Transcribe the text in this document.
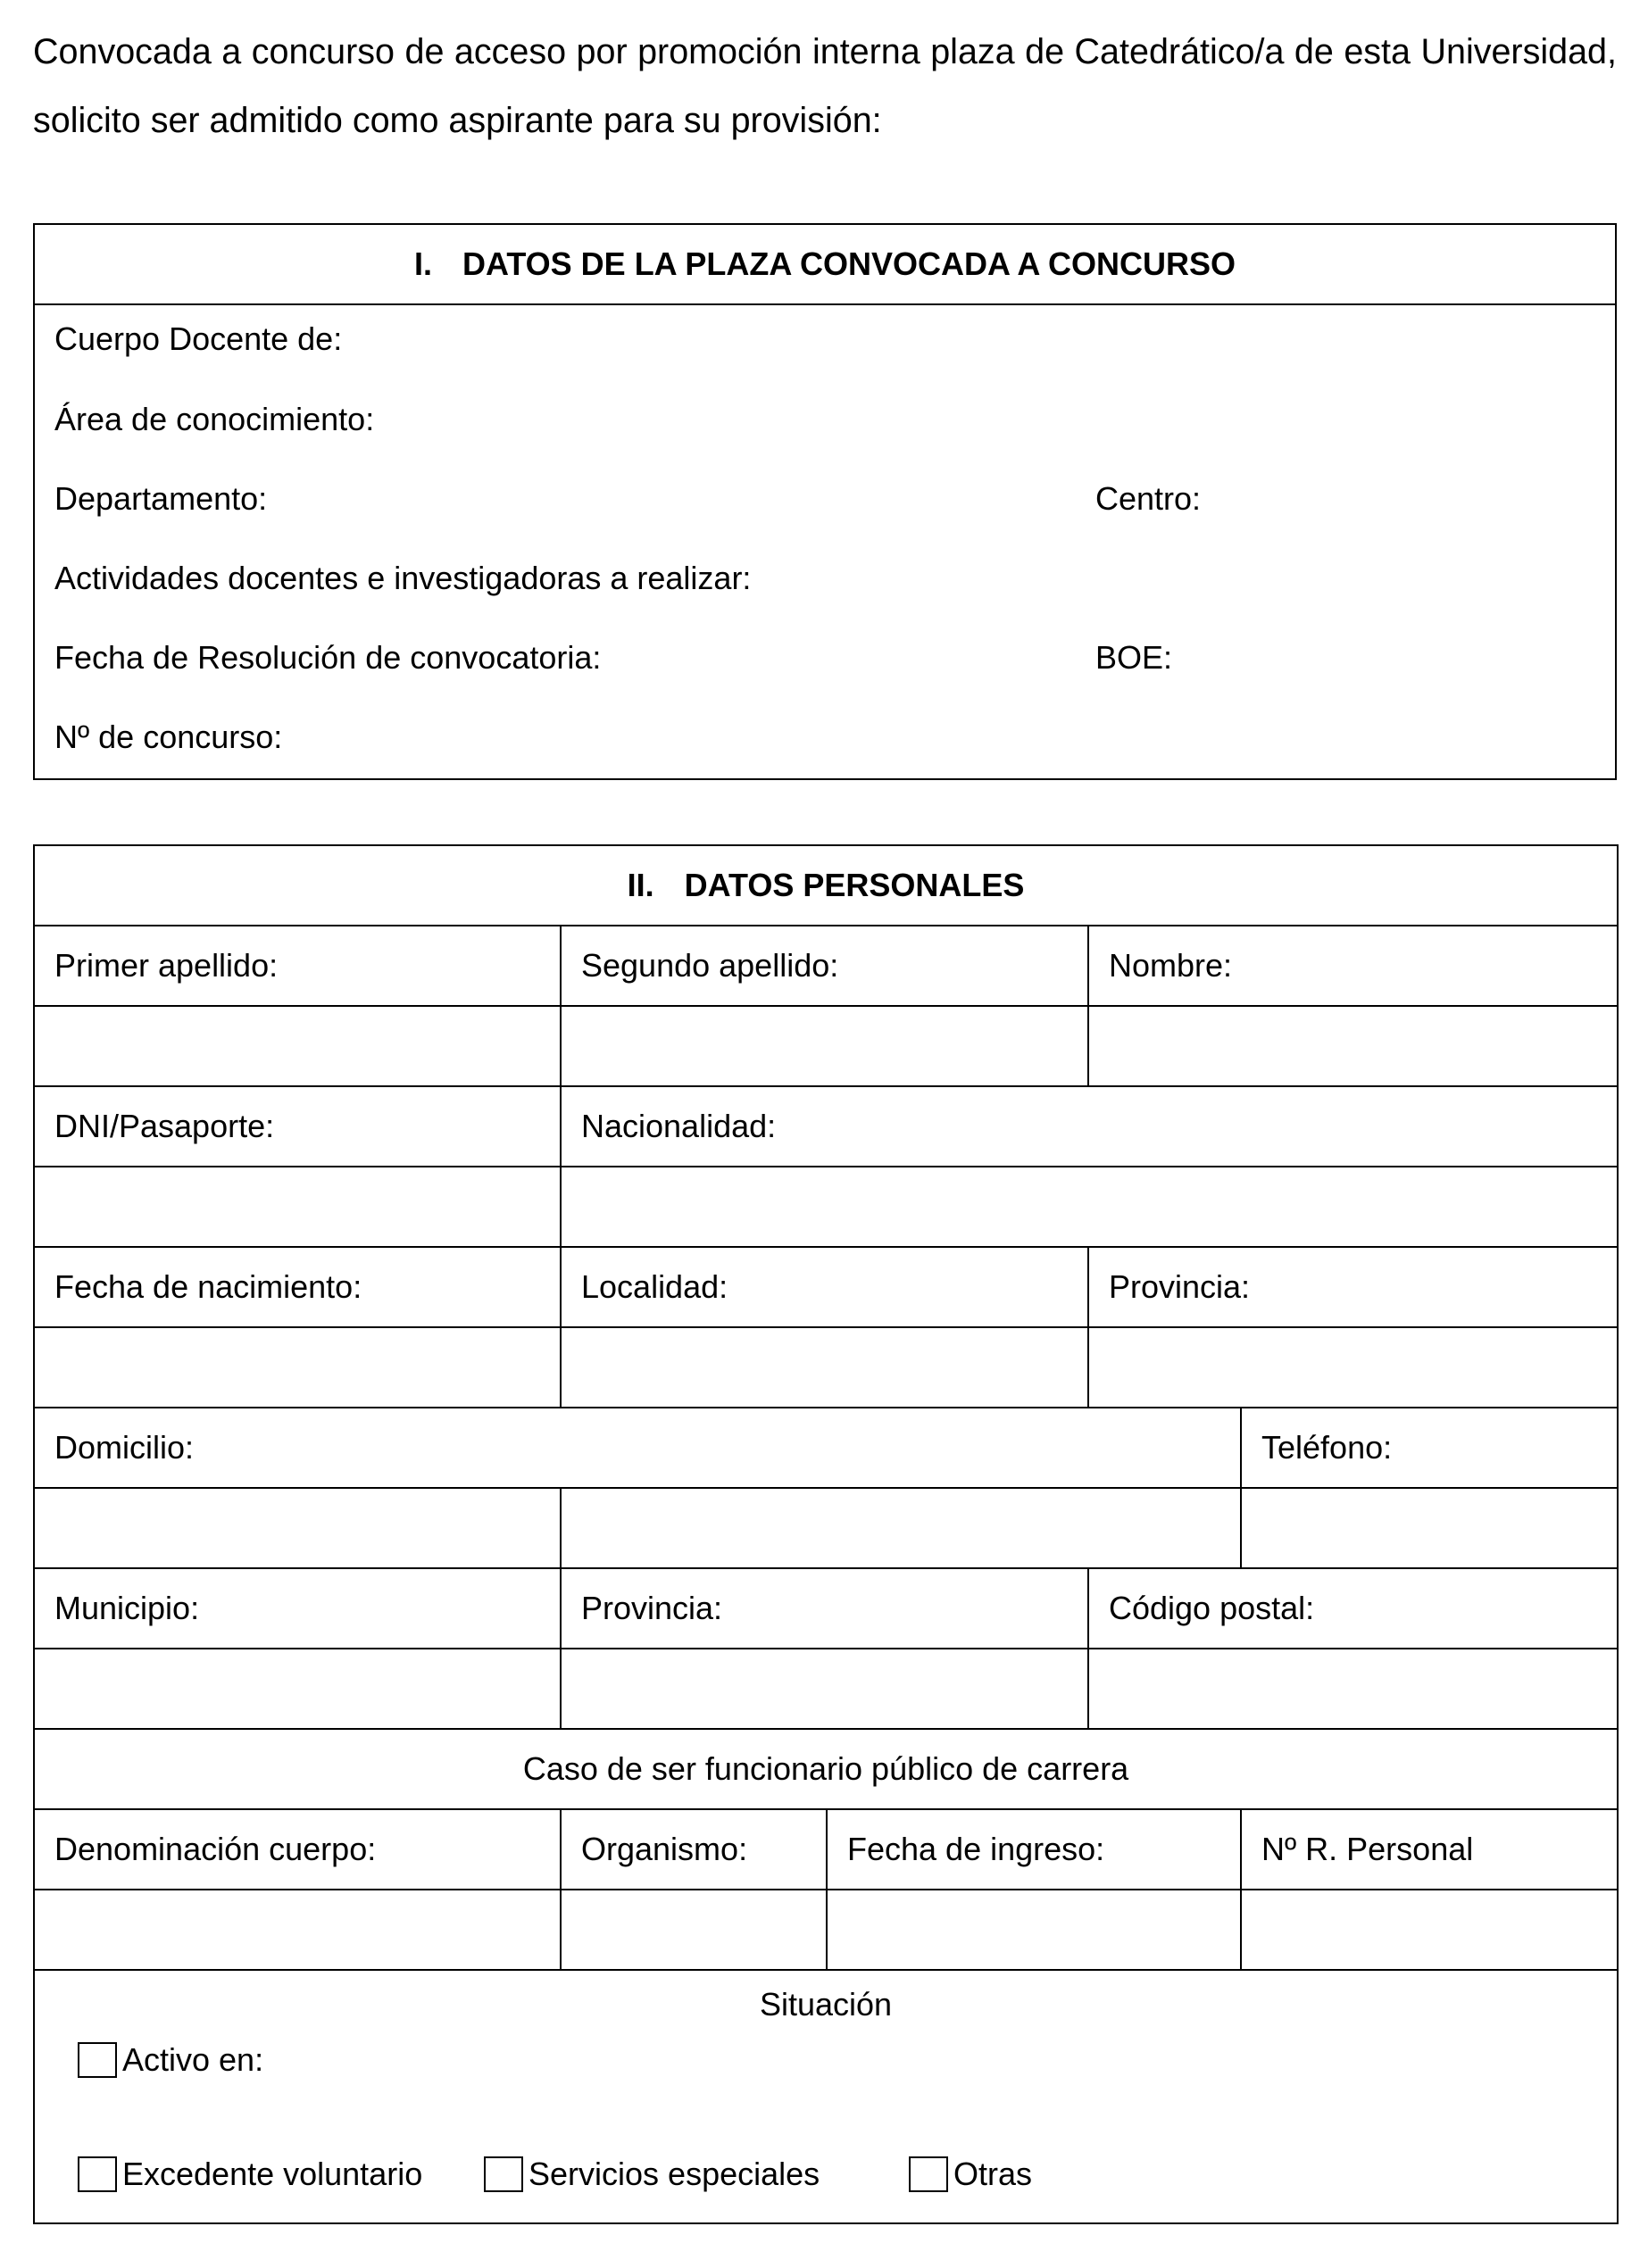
Convocada a concurso de acceso por promoción interna plaza de Catedrático/a de esta Universidad, solicito ser admitido como aspirante para su provisión:

I. DATOS DE LA PLAZA CONVOCADA A CONCURSO

Cuerpo Docente de:
Área de conocimiento:
Departamento:	Centro:
Actividades docentes e investigadoras a realizar:
Fecha de Resolución de convocatoria:	BOE:
Nº de concurso:
II. DATOS PERSONALES				
Primer apellido:	Segundo apellido:		Nombre:	

DNI/Pasaporte:	Nacionalidad:			

Fecha de nacimiento:	Localidad:		Provincia:	

Domicilio:				Teléfono:

Municipio:	Provincia:		Código postal:	

Caso de ser funcionario público de carrera				
Denominación cuerpo:	Organismo:	Fecha de ingreso:		Nº R. Personal

Situación
Activo en:
Excedente voluntario Servicios especiales Otras				
